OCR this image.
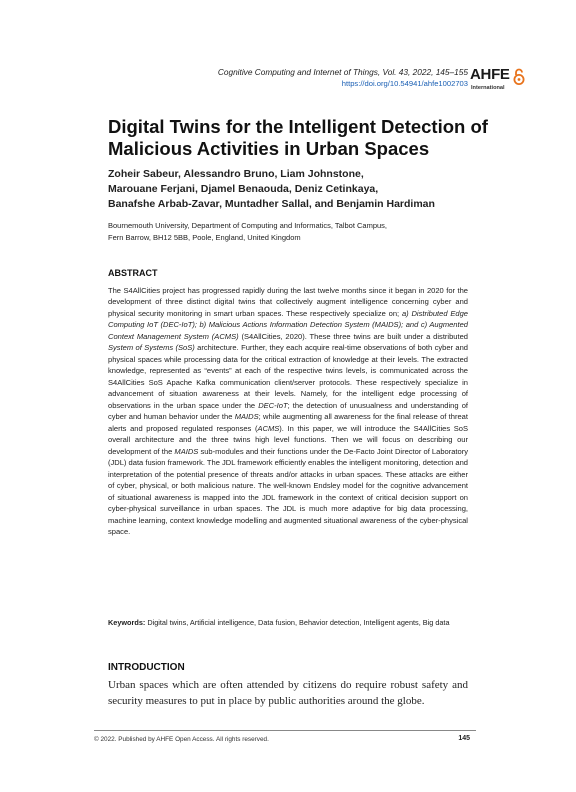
Cognitive Computing and Internet of Things, Vol. 43, 2022, 145–155
https://doi.org/10.54941/ahfe1002703
AHFE
International
Digital Twins for the Intelligent Detection of Malicious Activities in Urban Spaces
Zoheir Sabeur, Alessandro Bruno, Liam Johnstone,
Marouane Ferjani, Djamel Benaouda, Deniz Cetinkaya,
Banafshe Arbab-Zavar, Muntadher Sallal, and Benjamin Hardiman
Bournemouth University, Department of Computing and Informatics, Talbot Campus,
Fern Barrow, BH12 5BB, Poole, England, United Kingdom
ABSTRACT

The S4AllCities project has progressed rapidly during the last twelve months since it began in 2020 for the development of three distinct digital twins that collectively augment intelligence concerning cyber and physical security monitoring in smart urban spaces. These respectively specialize on; a) Distributed Edge Computing IoT (DEC-IoT); b) Malicious Actions Information Detection System (MAIDS); and c) Augmented Context Management System (ACMS) (S4AllCities, 2020). These three twins are built under a distributed System of Systems (SoS) architecture. Further, they each acquire real-time observations of both cyber and physical spaces while processing data for the critical extraction of knowledge at their levels. The extracted knowledge, represented as “events” at each of the respective twins levels, is communicated across the S4AllCities SoS Apache Kafka communication client/server protocols. These respectively specialize in advancement of situation awareness at their levels. Namely, for the intelligent edge processing of observations in the urban space under the DEC-IoT; the detection of unusualness and understanding of cyber and human behavior under the MAIDS; while augmenting all awareness for the final release of threat alerts and proposed regulated responses (ACMS). In this paper, we will introduce the S4AllCities SoS overall architecture and the three twins high level functions. Then we will focus on describing our development of the MAIDS sub-modules and their functions under the De-Facto Joint Director of Laboratory (JDL) data fusion framework. The JDL framework efficiently enables the intelligent monitoring, detection and interpretation of the potential presence of threats and/or attacks in urban spaces. These attacks are either of cyber, physical, or both malicious nature. The well-known Endsley model for the cognitive advancement of situational awareness is mapped into the JDL framework in the context of critical decision support on cyber-physical surveillance in urban spaces. The JDL is much more adaptive for big data processing, machine learning, context knowledge modelling and augmented situational awareness of the cyber-physical space.

Keywords: Digital twins, Artificial intelligence, Data fusion, Behavior detection, Intelligent agents, Big data

INTRODUCTION

Urban spaces which are often attended by citizens do require robust safety and security measures to put in place by public authorities around the globe.

© 2022. Published by AHFE Open Access. All rights reserved.	145
